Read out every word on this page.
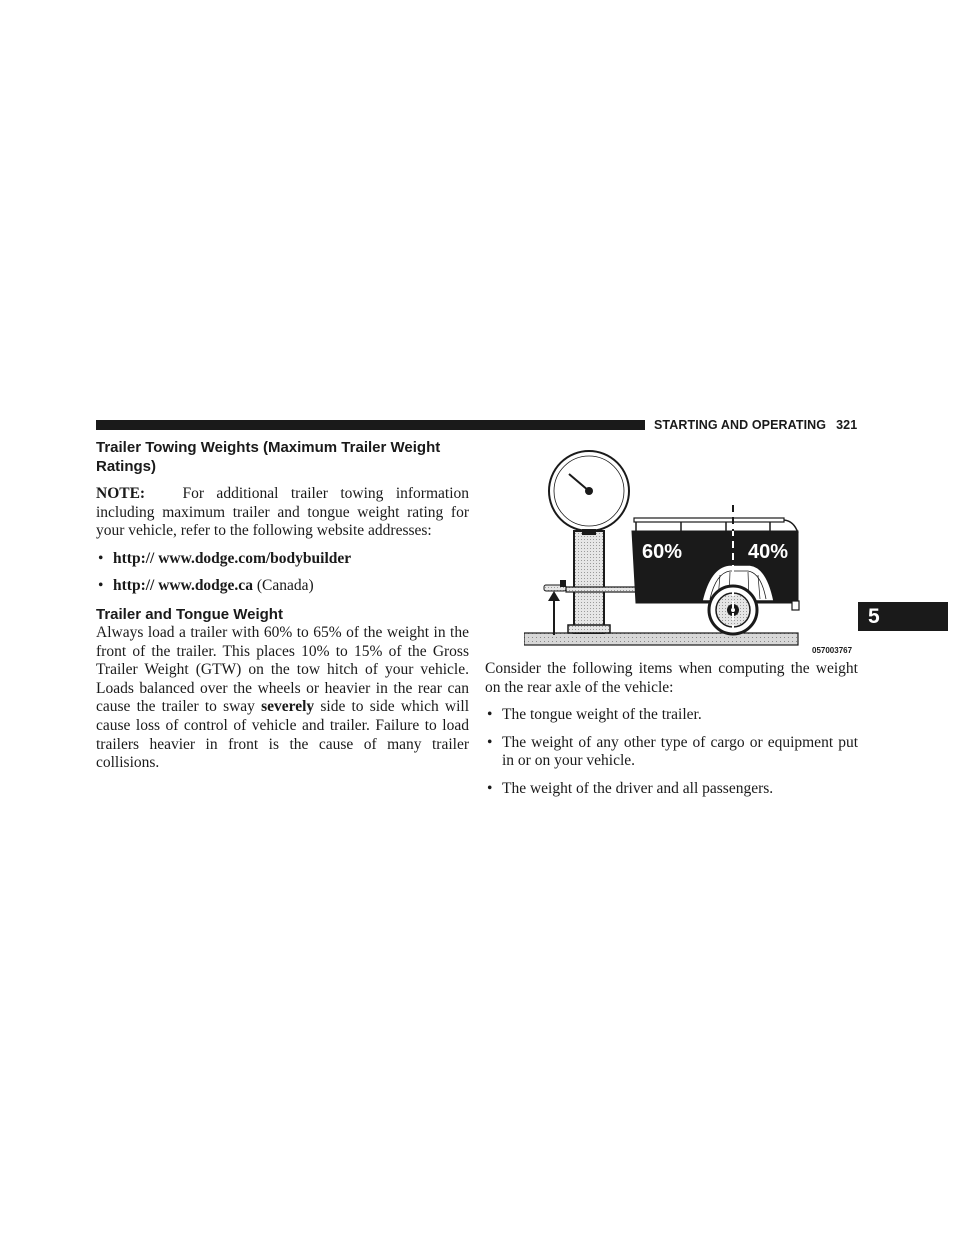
STARTING AND OPERATING 321
5
Trailer Towing Weights (Maximum Trailer Weight Ratings)

NOTE: For additional trailer towing information including maximum trailer and tongue weight rating for your vehicle, refer to the following website addresses:

• http:// www.dodge.com/bodybuilder
• http:// www.dodge.ca (Canada)
Trailer and Tongue Weight

Always load a trailer with 60% to 65% of the weight in the front of the trailer. This places 10% to 15% of the Gross Trailer Weight (GTW) on the tow hitch of your vehicle. Loads balanced over the wheels or heavier in the rear can cause the trailer to sway severely side to side which will cause loss of control of vehicle and trailer. Failure to load trailers heavier in front is the cause of many trailer collisions.

60%	40%
057003767

Consider the following items when computing the weight on the rear axle of the vehicle:

• The tongue weight of the trailer.
• The weight of any other type of cargo or equipment put in or on your vehicle.
• The weight of the driver and all passengers.
